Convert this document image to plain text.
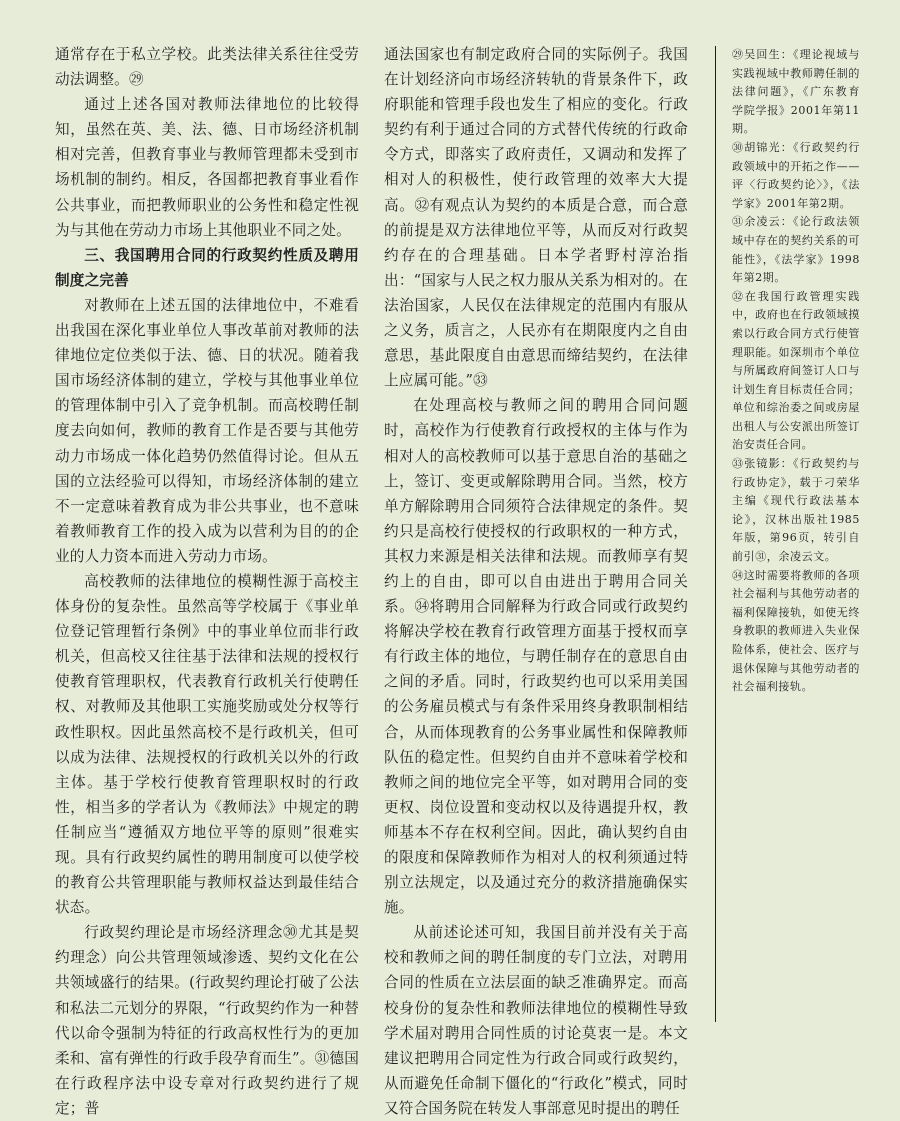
通常存在于私立学校。此类法律关系往往受劳动法调整。㉙

通过上述各国对教师法律地位的比较得知，虽然在英、美、法、德、日市场经济机制相对完善，但教育事业与教师管理都未受到市场机制的制约。相反，各国都把教育事业看作公共事业，而把教师职业的公务性和稳定性视为与其他在劳动力市场上其他职业不同之处。

三、我国聘用合同的行政契约性质及聘用制度之完善

对教师在上述五国的法律地位中，不难看出我国在深化事业单位人事改革前对教师的法律地位定位类似于法、德、日的状况。随着我国市场经济体制的建立，学校与其他事业单位的管理体制中引入了竞争机制。而高校聘任制度去向如何，教师的教育工作是否要与其他劳动力市场成一体化趋势仍然值得讨论。但从五国的立法经验可以得知，市场经济体制的建立不一定意味着教育成为非公共事业，也不意味着教师教育工作的投入成为以营利为目的的企业的人力资本而进入劳动力市场。

高校教师的法律地位的模糊性源于高校主体身份的复杂性。虽然高等学校属于《事业单位登记管理暂行条例》中的事业单位而非行政机关，但高校又往往基于法律和法规的授权行使教育管理职权，代表教育行政机关行使聘任权、对教师及其他职工实施奖励或处分权等行政性职权。因此虽然高校不是行政机关，但可以成为法律、法规授权的行政机关以外的行政主体。基于学校行使教育管理职权时的行政性，相当多的学者认为《教师法》中规定的聘任制应当“遵循双方地位平等的原则”很难实现。具有行政契约属性的聘用制度可以使学校的教育公共管理职能与教师权益达到最佳结合状态。

行政契约理论是市场经济理念㉚尤其是契约理念）向公共管理领域渗透、契约文化在公共领域盛行的结果。(行政契约理论打破了公法和私法二元划分的界限，“行政契约作为一种替代以命令强制为特征的行政高权性行为的更加柔和、富有弹性的行政手段孕育而生”。㉛德国在行政程序法中设专章对行政契约进行了规定；普

通法国家也有制定政府合同的实际例子。我国在计划经济向市场经济转轨的背景条件下，政府职能和管理手段也发生了相应的变化。行政契约有利于通过合同的方式替代传统的行政命令方式，即落实了政府责任，又调动和发挥了相对人的积极性，使行政管理的效率大大提高。㉜有观点认为契约的本质是合意，而合意的前提是双方法律地位平等，从而反对行政契约存在的合理基础。日本学者野村淳治指出：“国家与人民之权力服从关系为相对的。在法治国家，人民仅在法律规定的范围内有服从之义务，质言之，人民亦有在期限度内之自由意思，基此限度自由意思而缔结契约，在法律上应属可能。”㉝

在处理高校与教师之间的聘用合同问题时，高校作为行使教育行政授权的主体与作为相对人的高校教师可以基于意思自治的基础之上，签订、变更或解除聘用合同。当然，校方单方解除聘用合同须符合法律规定的条件。契约只是高校行使授权的行政职权的一种方式，其权力来源是相关法律和法规。而教师享有契约上的自由，即可以自由进出于聘用合同关系。㉞将聘用合同解释为行政合同或行政契约将解决学校在教育行政管理方面基于授权而享有行政主体的地位，与聘任制存在的意思自由之间的矛盾。同时，行政契约也可以采用美国的公务雇员模式与有条件采用终身教职制相结合，从而体现教育的公务事业属性和保障教师队伍的稳定性。但契约自由并不意味着学校和教师之间的地位完全平等，如对聘用合同的变更权、岗位设置和变动权以及待遇提升权，教师基本不存在权利空间。因此，确认契约自由的限度和保障教师作为相对人的权利须通过特别立法规定，以及通过充分的救济措施确保实施。

从前述论述可知，我国目前并没有关于高校和教师之间的聘任制度的专门立法，对聘用合同的性质在立法层面的缺乏准确界定。而高校身份的复杂性和教师法律地位的模糊性导致学术届对聘用合同性质的讨论莫衷一是。本文建议把聘用合同定性为行政合同或行政契约，从而避免任命制下僵化的“行政化”模式，同时又符合国务院在转发人事部意见时提出的聘任

㉙吴回生：《理论视域与实践视域中教师聘任制的法律问题》，《广东教育学院学报》2001年第11期。

㉚胡锦光：《行政契约行政领域中的开拓之作——评〈行政契约论〉》，《法学家》2001年第2期。

㉛余凌云：《论行政法领域中存在的契约关系的可能性》，《法学家》1998年第2期。

㉜在我国行政管理实践中，政府也在行政领域摸索以行政合同方式行使管理职能。如深圳市个单位与所属政府间签订人口与计划生育目标责任合同；单位和综治委之间或房屋出租人与公安派出所签订治安责任合同。

㉝张镜影：《行政契约与行政协定》，载于刁荣华主编《现代行政法基本论》，汉林出版社1985年版，第96页，转引自前引㉛，余凌云文。

㉞这时需要将教师的各项社会福利与其他劳动者的福利保障接轨，如使无终身教职的教师进入失业保险体系，使社会、医疗与退休保障与其他劳动者的社会福利接轨。
